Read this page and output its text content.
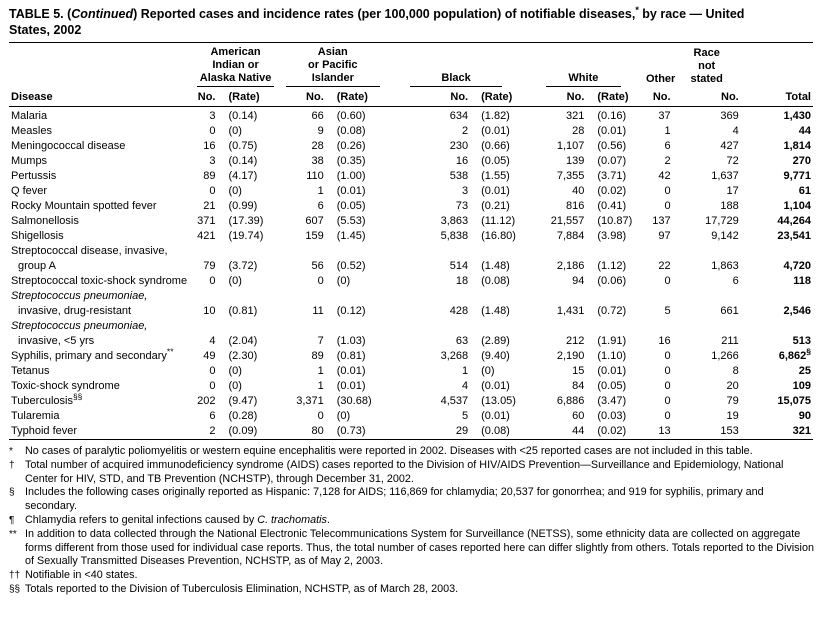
TABLE 5. (Continued) Reported cases and incidence rates (per 100,000 population) of notifiable diseases,* by race — United
States, 2002

	American
Indian or
Alaska Native		Asian
or Pacific
Islander		Black		White		Other	Race
not
stated	

Disease	No.	(Rate)	No.	(Rate)	No.	(Rate)	No.	(Rate)	No.	No.	Total
Malaria	3	(0.14)	66	(0.60)	634	(1.82)	321	(0.16)	37	369	1,430
Measles	0	(0)	9	(0.08)	2	(0.01)	28	(0.01)	1	4	44
Meningococcal disease	16	(0.75)	28	(0.26)	230	(0.66)	1,107	(0.56)	6	427	1,814
Mumps	3	(0.14)	38	(0.35)	16	(0.05)	139	(0.07)	2	72	270
Pertussis	89	(4.17)	110	(1.00)	538	(1.55)	7,355	(3.71)	42	1,637	9,771
Q fever	0	(0)	1	(0.01)	3	(0.01)	40	(0.02)	0	17	61
Rocky Mountain spotted fever	21	(0.99)	6	(0.05)	73	(0.21)	816	(0.41)	0	188	1,104
Salmonellosis	371	(17.39)	607	(5.53)	3,863	(11.12)	21,557	(10.87)	137	17,729	44,264
Shigellosis	421	(19.74)	159	(1.45)	5,838	(16.80)	7,884	(3.98)	97	9,142	23,541
Streptococcal disease, invasive,											
group A	79	(3.72)	56	(0.52)	514	(1.48)	2,186	(1.12)	22	1,863	4,720
Streptococcal toxic-shock syndrome	0	(0)	0	(0)	18	(0.08)	94	(0.06)	0	6	118
Streptococcus pneumoniae,											
invasive, drug-resistant	10	(0.81)	11	(0.12)	428	(1.48)	1,431	(0.72)	5	661	2,546
Streptococcus pneumoniae,											
invasive, <5 yrs	4	(2.04)	7	(1.03)	63	(2.89)	212	(1.91)	16	211	513
Syphilis, primary and secondary**	49	(2.30)	89	(0.81)	3,268	(9.40)	2,190	(1.10)	0	1,266	6,862§
Tetanus	0	(0)	1	(0.01)	1	(0)	15	(0.01)	0	8	25
Toxic-shock syndrome	0	(0)	1	(0.01)	4	(0.01)	84	(0.05)	0	20	109
Tuberculosis§§	202	(9.47)	3,371	(30.68)	4,537	(13.05)	6,886	(3.47)	0	79	15,075
Tularemia	6	(0.28)	0	(0)	5	(0.01)	60	(0.03)	0	19	90
Typhoid fever	2	(0.09)	80	(0.73)	29	(0.08)	44	(0.02)	13	153	321
*	No cases of paralytic poliomyelitis or western equine encephalitis were reported in 2002. Diseases with <25 reported cases are not included in this table.
† Total number of acquired immunodeficiency syndrome (AIDS) cases reported to the Division of HIV/AIDS Prevention—Surveillance and Epidemiology, National Center for HIV, STD, and TB Prevention (NCHSTP), through December 31, 2002.
§ Includes the following cases originally reported as Hispanic: 7,128 for AIDS; 116,869 for chlamydia; 20,537 for gonorrhea; and 919 for syphilis, primary and secondary.
¶ Chlamydia refers to genital infections caused by C. trachomatis.
** In addition to data collected through the National Electronic Telecommunications System for Surveillance (NETSS), some ethnicity data are collected on aggregate forms different from those used for individual case reports. Thus, the total number of cases reported here can differ slightly from others. Totals reported to the Division of Sexually Transmitted Diseases Prevention, NCHSTP, as of May 2, 2003.
†† Notifiable in <40 states.
§§ Totals reported to the Division of Tuberculosis Elimination, NCHSTP, as of March 28, 2003.
